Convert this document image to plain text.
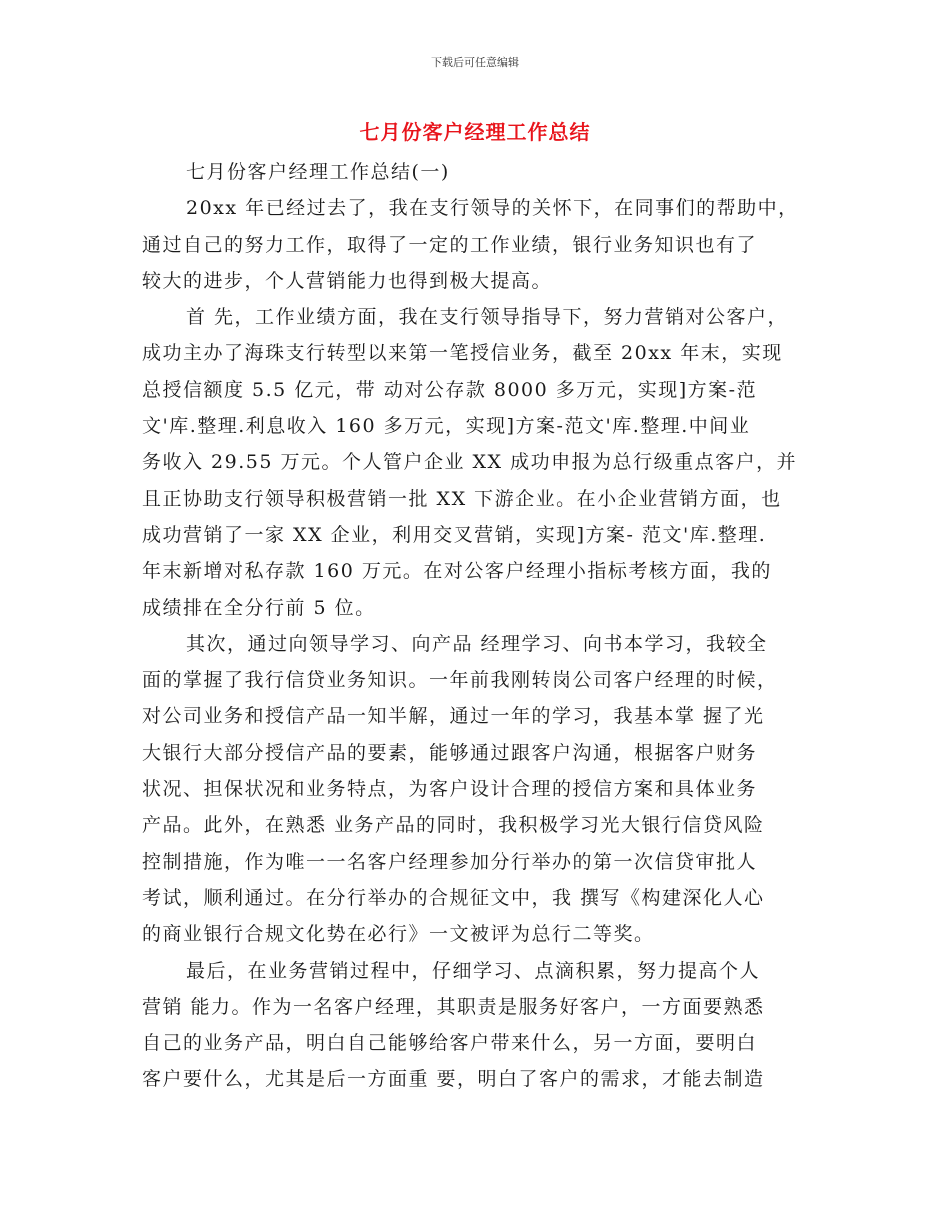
下载后可任意编辑
七月份客户经理工作总结
七月份客户经理工作总结(一)
20xx 年已经过去了，我在支行领导的关怀下，在同事们的帮助中，
通过自己的努力工作，取得了一定的工作业绩，银行业务知识也有了
较大的进步，个人营销能力也得到极大提高。
首 先，工作业绩方面，我在支行领导指导下，努力营销对公客户，
成功主办了海珠支行转型以来第一笔授信业务，截至 20xx 年末，实现
总授信额度 5.5 亿元，带 动对公存款 8000 多万元，实现]方案-范
文'库.整理.利息收入 160 多万元，实现]方案-范文'库.整理.中间业
务收入 29.55 万元。个人管户企业 XX 成功申报为总行级重点客户，并
且正协助支行领导积极营销一批 XX 下游企业。在小企业营销方面，也
成功营销了一家 XX 企业，利用交叉营销，实现]方案- 范文'库.整理.
年末新增对私存款 160 万元。在对公客户经理小指标考核方面，我的
成绩排在全分行前 5 位。
其次，通过向领导学习、向产品 经理学习、向书本学习，我较全
面的掌握了我行信贷业务知识。一年前我刚转岗公司客户经理的时候，
对公司业务和授信产品一知半解，通过一年的学习，我基本掌 握了光
大银行大部分授信产品的要素，能够通过跟客户沟通，根据客户财务
状况、担保状况和业务特点，为客户设计合理的授信方案和具体业务
产品。此外，在熟悉 业务产品的同时，我积极学习光大银行信贷风险
控制措施，作为唯一一名客户经理参加分行举办的第一次信贷审批人
考试，顺利通过。在分行举办的合规征文中，我 撰写《构建深化人心
的商业银行合规文化势在必行》一文被评为总行二等奖。
最后，在业务营销过程中，仔细学习、点滴积累，努力提高个人
营销 能力。作为一名客户经理，其职责是服务好客户，一方面要熟悉
自己的业务产品，明白自己能够给客户带来什么，另一方面，要明白
客户要什么，尤其是后一方面重 要，明白了客户的需求，才能去制造
